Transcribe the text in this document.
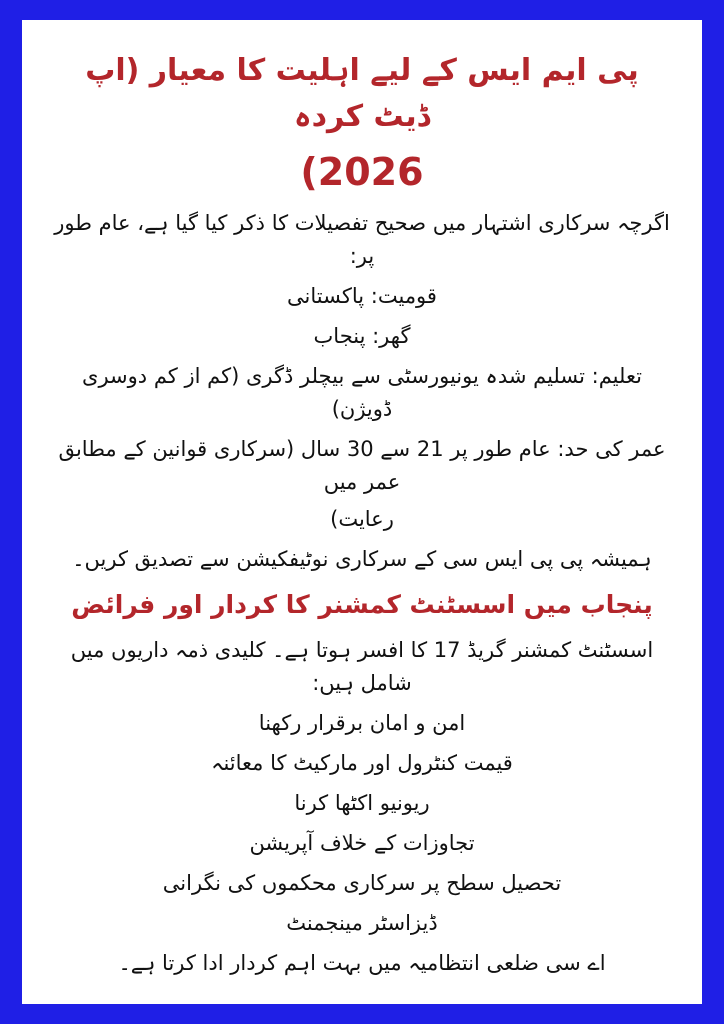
پی ایم ایس کے لیے اہلیت کا معیار (اپ ڈیٹ کردہ
2026)

اگرچہ سرکاری اشتہار میں صحیح تفصیلات کا ذکر کیا گیا ہے، عام طور پر:

قومیت: پاکستانی

گھر: پنجاب

تعلیم: تسلیم شدہ یونیورسٹی سے بیچلر ڈگری (کم از کم دوسری ڈویژن)

عمر کی حد: عام طور پر 21 سے 30 سال (سرکاری قوانین کے مطابق عمر میں

رعایت)

ہمیشہ پی پی ایس سی کے سرکاری نوٹیفکیشن سے تصدیق کریں۔

پنجاب میں اسسٹنٹ کمشنر کا کردار اور فرائض

اسسٹنٹ کمشنر گریڈ 17 کا افسر ہوتا ہے۔ کلیدی ذمہ داریوں میں شامل ہیں:

امن و امان برقرار رکھنا

قیمت کنٹرول اور مارکیٹ کا معائنہ

ریونیو اکٹھا کرنا

تجاوزات کے خلاف آپریشن

تحصیل سطح پر سرکاری محکموں کی نگرانی

ڈیزاسٹر مینجمنٹ

اے سی ضلعی انتظامیہ میں بہت اہم کردار ادا کرتا ہے۔
